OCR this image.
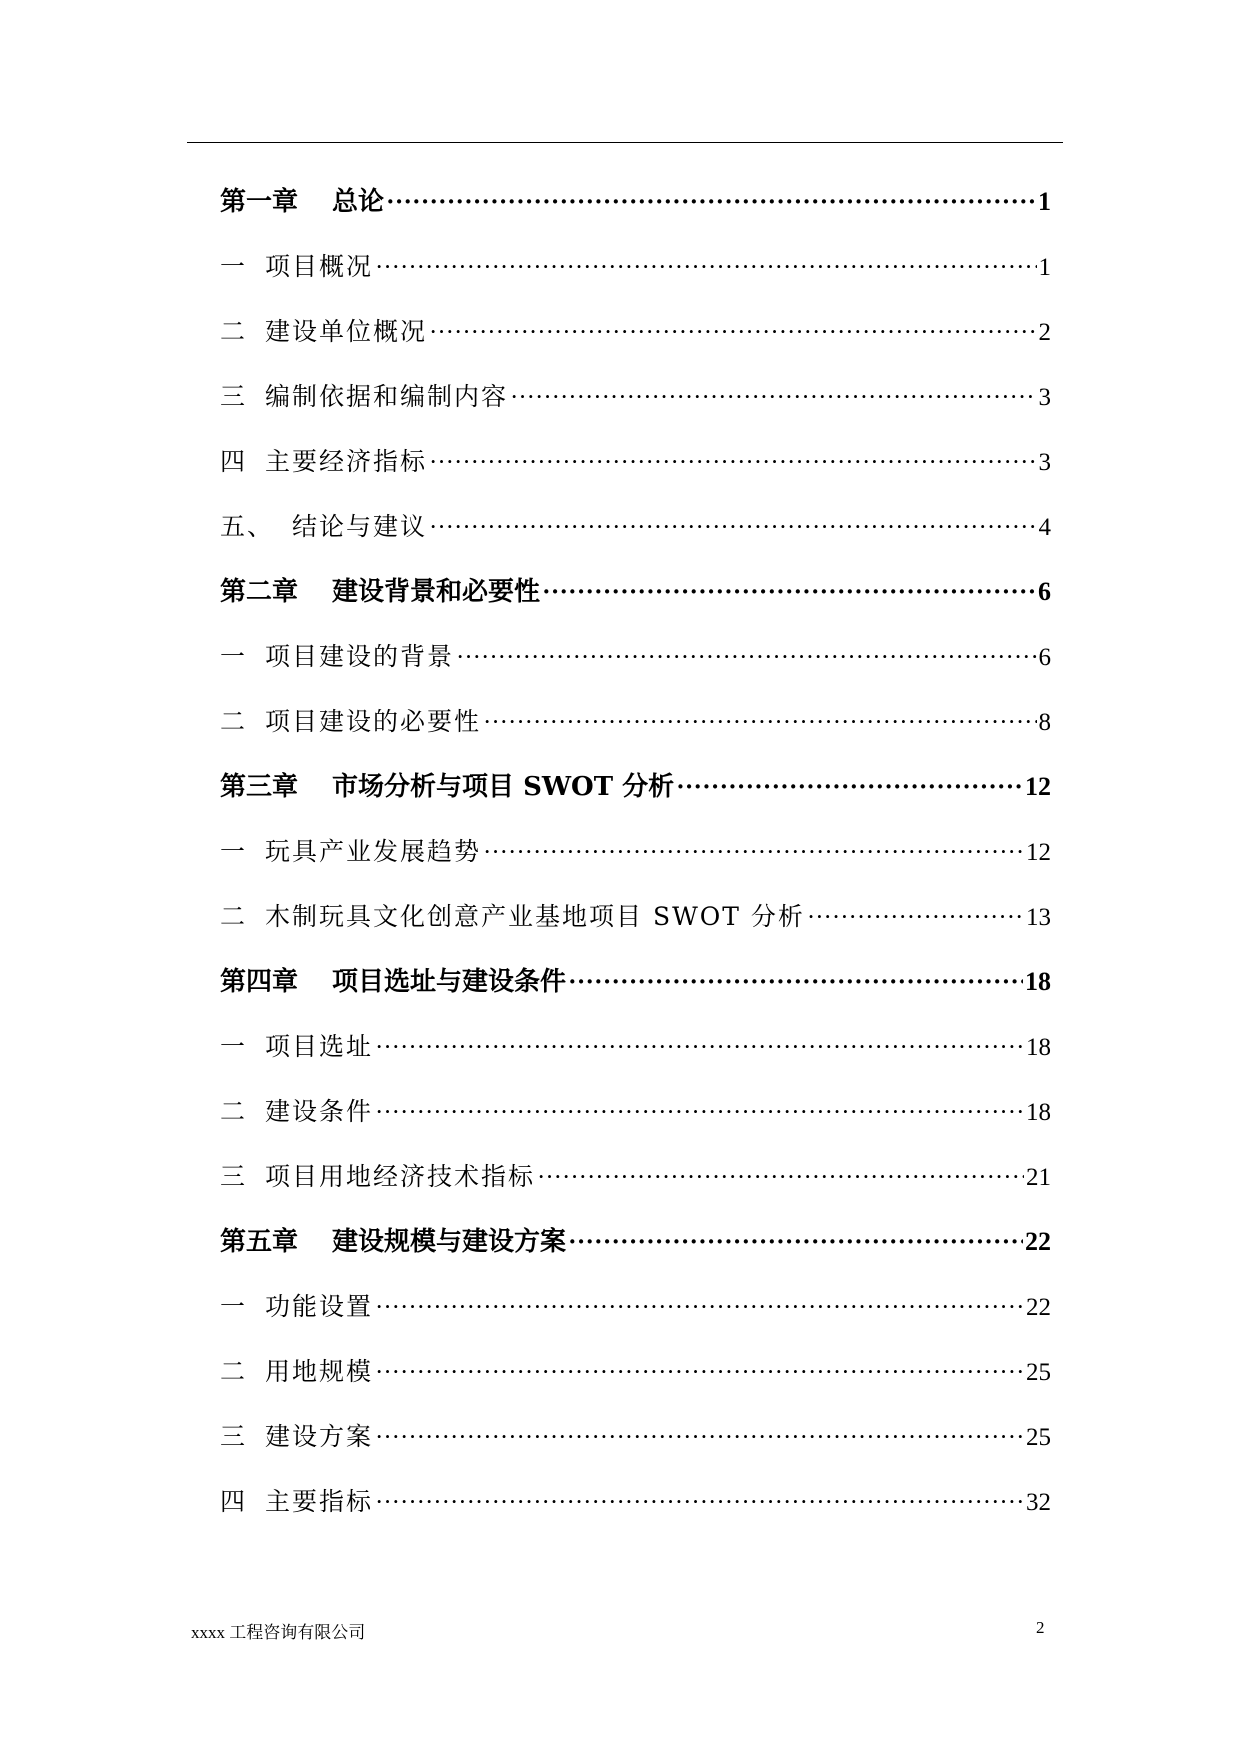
第一章 总论 ·····	1
一 项目概况 ·····	1
二 建设单位概况 ·····	2
三 编制依据和编制内容 ·····	3
四 主要经济指标 ·····	3
五、 结论与建议 ·····	4
第二章 建设背景和必要性 ·····	6
一 项目建设的背景 ·····	6
二 项目建设的必要性 ·····	8
第三章 市场分析与项目 SWOT 分析 ·····	12
一 玩具产业发展趋势 ·····	12
二 木制玩具文化创意产业基地项目 SWOT 分析 ·····	13
第四章 项目选址与建设条件 ·····	18
一 项目选址 ·····	18
二 建设条件 ·····	18
三 项目用地经济技术指标 ·····	21
第五章 建设规模与建设方案 ·····	22
一 功能设置 ·····	22
二 用地规模 ·····	25
三 建设方案 ·····	25
四 主要指标 ·····	32
xxxx 工程咨询有限公司	2
